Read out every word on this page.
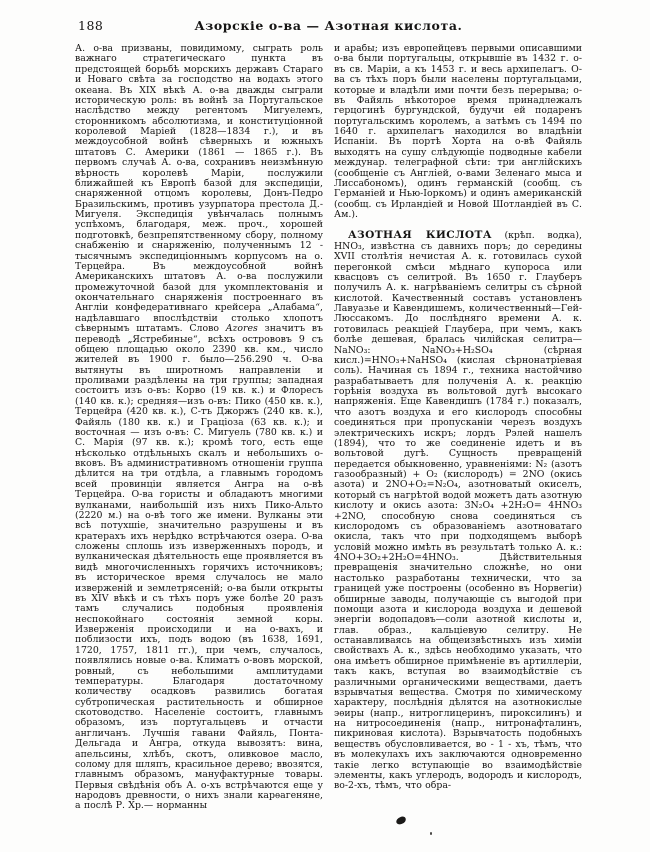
188	Азорскіе о-ва — Азотная кислота.

А. о-ва призваны, повидимому, сыграть роль важнаго стратегическаго пункта въ предстоящей борьбѣ морскихъ державъ Стараго и Новаго свѣта за господство на водахъ этого океана. Въ XIX вѣкѣ А. о-ва дважды сыграли историческую роль: въ войнѣ за Португальское наслѣдство между регентомъ Мигуелемъ, сторонникомъ абсолютизма, и конституціонной королевой Маріей (1828—1834 г.), и въ междоусобной войнѣ сѣверныхъ и южныхъ штатовъ С. Америки (1861 — 1865 г.). Въ первомъ случаѣ А. о-ва, сохранивъ неизмѣнную вѣрность королевѣ Маріи, послужили ближайшей къ Европѣ базой для экспедиціи, снаряженной отцомъ королевы, Донъ-Педро Бразильскимъ, противъ узурпатора престола Д.-Мигуеля. Экспедиція увѣнчалась полнымъ успѣхомъ, благодаря, меж. проч., хорошей подготовкѣ, безпрепятственному сбору, полному снабженію и снаряженію, полученнымъ 12 - тысячнымъ экспедиціоннымъ корпусомъ на о. Терцейра. Въ междоусобной войнѣ Американскихъ штатовъ А. о-ва послужили промежуточной базой для укомплектованія и окончательнаго снаряженія построеннаго въ Англіи конфедеративнаго крейсера „Алабама“, надѣлавшаго впослѣдствіи столько хлопотъ сѣвернымъ штатамъ. Слово Azores значитъ въ переводѣ „Ястребиные“, всѣхъ острововъ 9 съ общею площадью около 2390 кв. км., число жителей въ 1900 г. было—256.290 ч. О-ва вытянуты въ широтномъ направленіи и проливами раздѣлены на три группы; западная состоитъ изъ о-въ: Корво (19 кв. к.) и Флоресъ (140 кв. к.); средняя—изъ о-въ: Пико (450 кв. к.), Терцейра (420 кв. к.), С-тъ Джоржъ (240 кв. к.), Файяль (180 кв. к.) и Граціоза (63 кв. к.); и восточная — изъ о-въ: С. Мигуель (780 кв. к.) и С. Марія (97 кв. к.); кромѣ того, есть еще нѣсколько отдѣльныхъ скалъ и небольшихъ о-вковъ. Въ административномъ отношеніи группа дѣлится на три отдѣла, а главнымъ городомъ всей провинціи является Ангра на о-вѣ Терцейра. О-ва гористы и обладаютъ многими вулканами, наибольшій изъ нихъ Пико-Альто (2220 м.) на о-вѣ того же имени. Вулканы эти всѣ потухшіе, значительно разрушены и въ кратерахъ ихъ нерѣдко встрѣчаются озера. О-ва сложены сплошь изъ изверженныхъ породъ, и вулканическая дѣятельность еще проявляется въ видѣ многочисленныхъ горячихъ источниковъ; въ историческое время случалось не мало изверженій и землетрясеній; о-ва были открыты въ XIV вѣкѣ и съ тѣхъ поръ уже болѣе 20 разъ тамъ случались подобныя проявленія неспокойнаго состоянія земной коры. Изверженія происходили и на о-вахъ, и поблизости ихъ, подъ водою (въ 1638, 1691, 1720, 1757, 1811 гг.), при чемъ, случалось, появлялись новые о-ва. Климатъ о-вовъ морской, ровный, съ небольшими амплитудами температуры. Благодаря достаточному количеству осадковъ развились богатая субтропическая растительность и обширное скотоводство. Населеніе состоитъ, главнымъ образомъ, изъ португальцевъ и отчасти англичанъ. Лучшія гавани Файяль, Понта-Дельгада и Ангра, откуда вывозятъ: вина, апельсины, хлѣбъ, скотъ, оливковое масло, солому для шляпъ, красильное дерево; ввозятся, главнымъ образомъ, мануфактурные товары. Первыя свѣдѣнія объ А. о-хъ встрѣчаются еще у народовъ древности, о нихъ знали карѳагеняне, а послѣ Р. Хр.— норманны

и арабы; изъ европейцевъ первыми описавшими о-ва были португальцы, открывшіе въ 1432 г. о-въ св. Маріи, а къ 1453 г. и весь архипелагъ. О-ва съ тѣхъ поръ были населены португальцами, которые и владѣли ими почти безъ перерыва; о-въ Файяль нѣкоторое время принадлежалъ герцогинѣ бургундской, будучи ей подаренъ португальскимъ королемъ, а затѣмъ съ 1494 по 1640 г. архипелагъ находился во владѣніи Испаніи. Въ портѣ Хорта на о-вѣ Файяль выходятъ на сушу слѣдующіе подводные кабели междунар. телеграфной сѣти: три англійскихъ (сообщеніе съ Англіей, о-вами Зеленаго мыса и Лиссабономъ), одинъ германскій (сообщ. съ Германіей и Нью-Іоркомъ) и одинъ американскій (сообщ. съ Ирландіей и Новой Шотландіей въ С. Ам.).

АЗОТНАЯ КИСЛОТА (крѣп. водка), HNO₃, извѣстна съ давнихъ поръ; до середины XVII столѣтія нечистая А. к. готовилась сухой перегонкой смѣси мѣднаго купороса или квасцовъ съ селитрой. Въ 1650 г. Глауберъ получилъ А. к. нагрѣваніемъ селитры съ сѣрной кислотой. Качественный составъ установленъ Лавуазье и Кавендишемъ, количественный—Гей-Люссакомъ. До послѣдняго времени А. к. готовилась реакціей Глаубера, при чемъ, какъ болѣе дешевая, бралась чилійская селитра—NaNO₃: NaNO₃+H₂SO₄ (сѣрная кисл.)=HNO₃+NaHSO₄ (кислая сѣрнонатріевая соль). Начиная съ 1894 г., техника настойчиво разрабатываетъ для полученія А. к. реакцію горѣнія воздуха въ вольтовой дугѣ высокаго напряженія. Еще Кавендишъ (1784 г.) показалъ, что азотъ воздуха и его кислородъ способны соединяться при пропусканіи черезъ воздухъ электрическихъ искръ; лордъ Рэлей нашелъ (1894), что то же соединеніе идетъ и въ вольтовой дугѣ. Сущность превращеній передается обыкновенно, уравненіями: N₂ (азотъ газообразный) + O₂ (кислородъ) = 2NO (окись азота) и 2NO+O₂=N₂O₄, азотноватый окиселъ, который съ нагрѣтой водой можетъ дать азотную кислоту и окись азота: 3N₂O₄ +2H₂O= 4HNO₃ +2NO, способную снова соединяться съ кислородомъ съ образованіемъ азотноватаго окисла, такъ что при подходящемъ выборѣ условій можно имѣть въ результатѣ только А. к.: 4NO+3O₂+2H₂O=4HNO₃. Дѣйствительныя превращенія значительно сложнѣе, но они настолько разработаны технически, что за границей уже построены (особенно въ Норвегіи) обширные заводы, получающіе съ выгодой при помощи азота и кислорода воздуха и дешевой энергіи водопадовъ—соли азотной кислоты и, глав. образ., кальціевую селитру. Не останавливаясь на общеизвѣстныхъ изъ химіи свойствахъ А. к., здѣсь необходимо указать, что она имѣетъ обширное примѣненіе въ артиллеріи, такъ какъ, вступая во взаимодѣйствіе съ различными органическими веществами, даетъ взрывчатыя вещества. Смотря по химическому характеру, послѣднія дѣлятся на азотнокислые эѳиры (напр., нитроглицеринъ, пироксилинъ) и на нитросоединенія (напр., нитронафталинъ, пикриновая кислота). Взрывчатость подобныхъ веществъ обусловливается, во - 1 - хъ, тѣмъ, что въ молекулахъ ихъ заключаются одновременно такіе легко вступающіе во взаимодѣйствіе элементы, какъ углеродъ, водородъ и кислородъ, во-2-хъ, тѣмъ, что обра-
